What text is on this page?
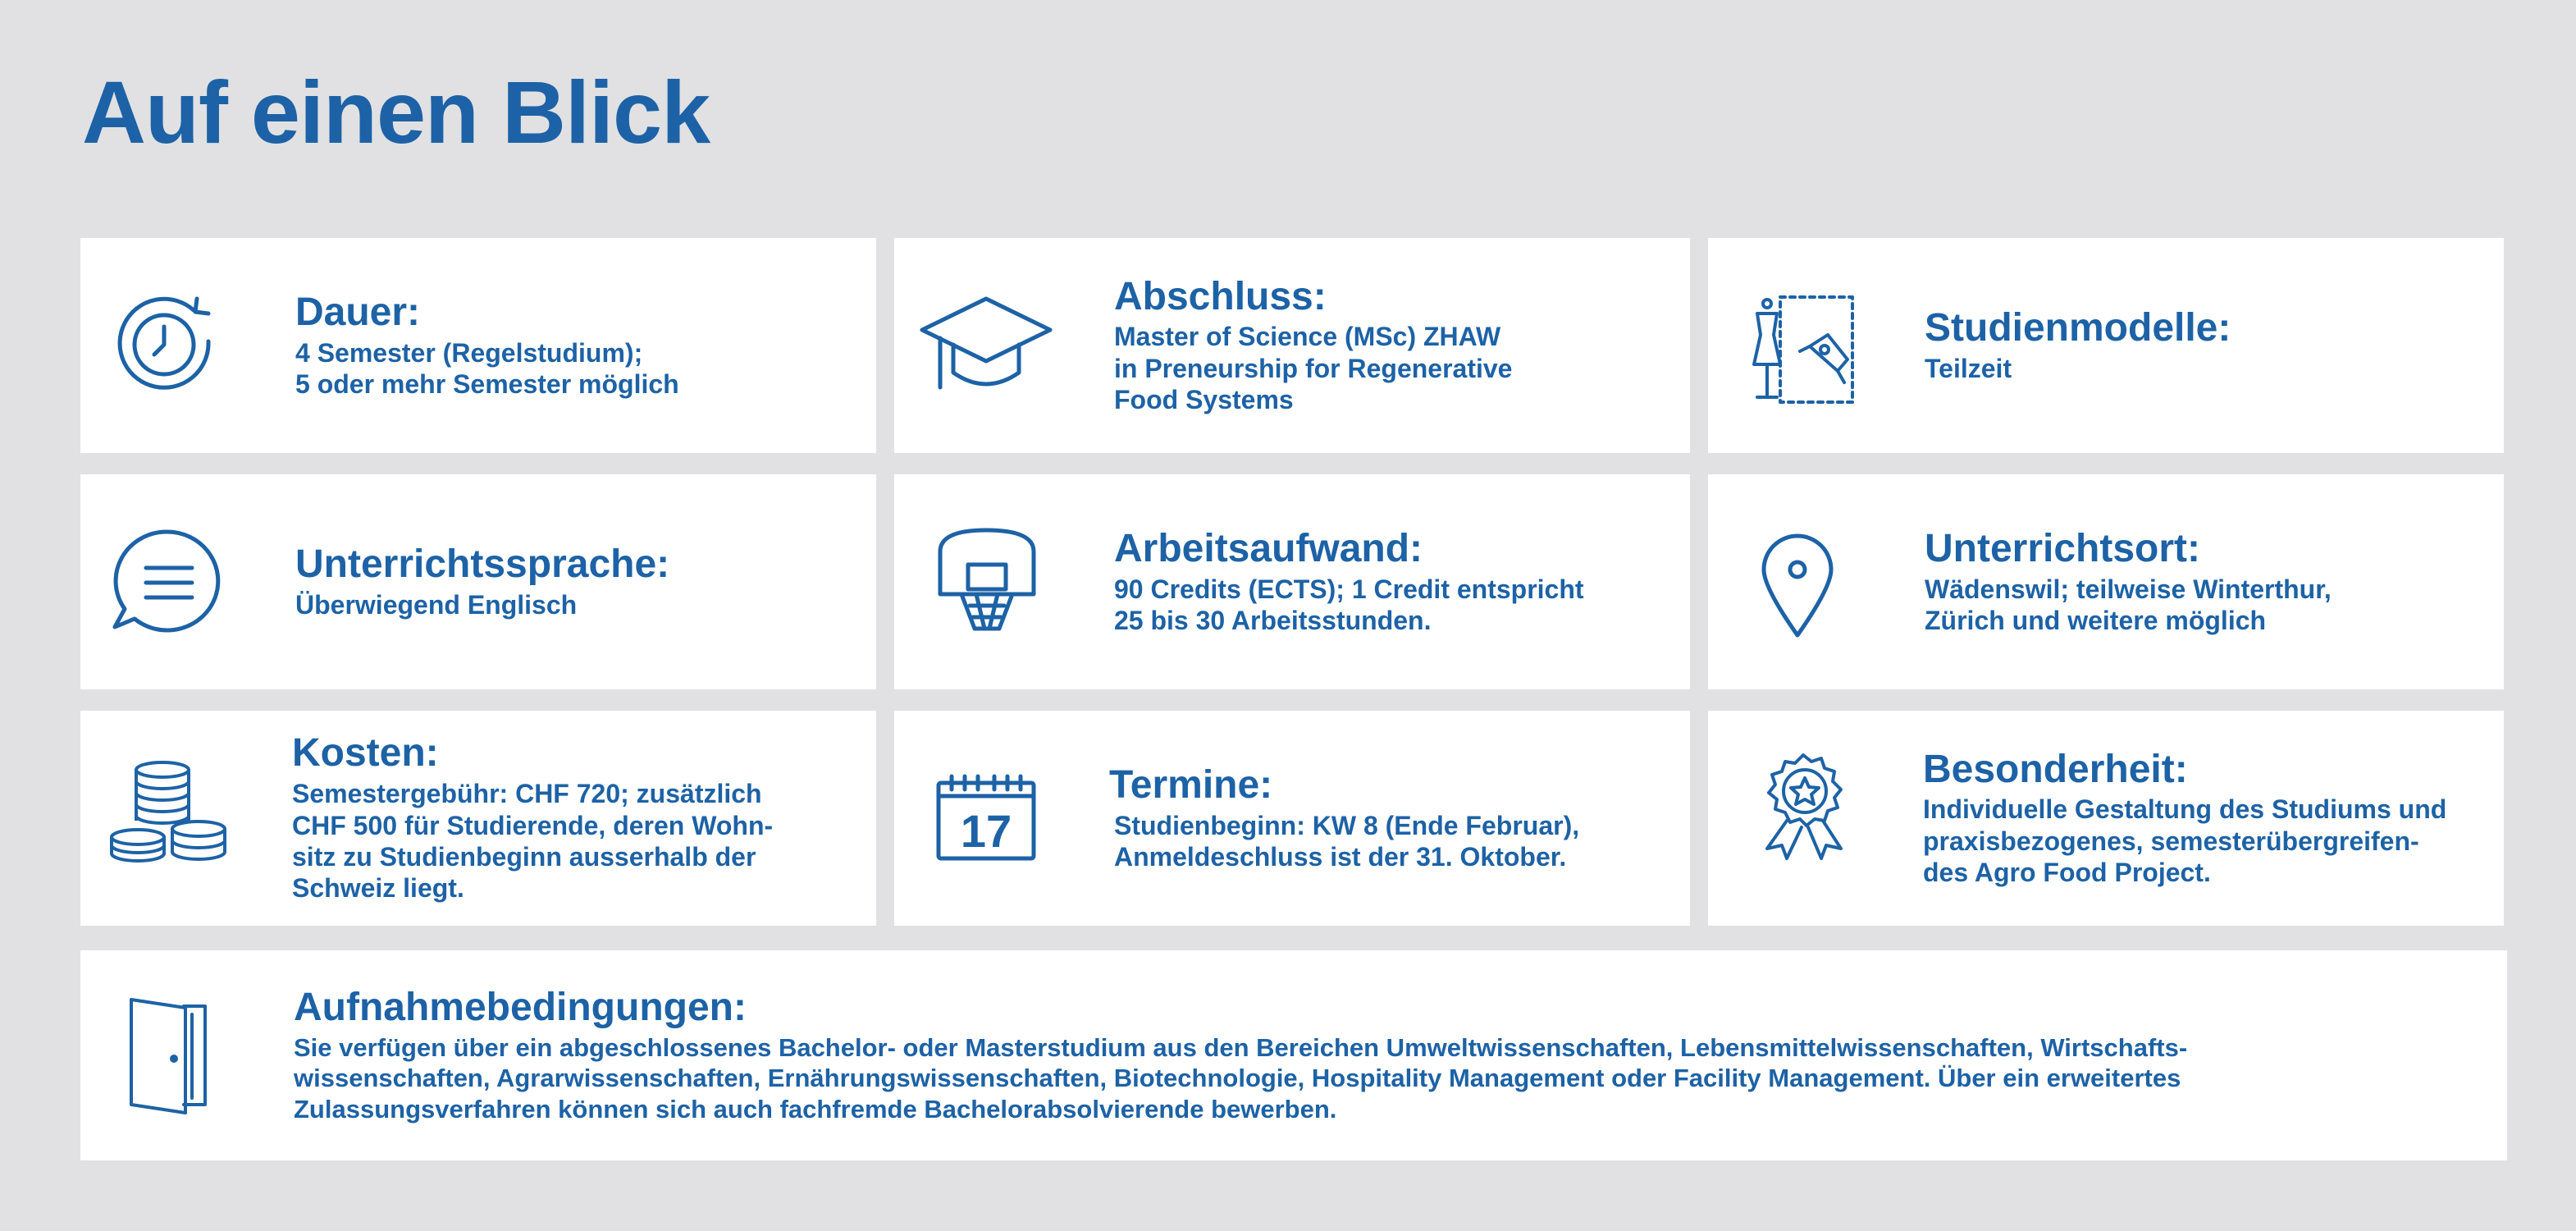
Auf einen Blick
Dauer:
4 Semester (Regelstudium);
5 oder mehr Semester möglich
Abschluss:
Master of Science (MSc) ZHAW
in Preneurship for Regenerative
Food Systems
Studienmodelle:
Teilzeit
Unterrichtssprache:
Überwiegend Englisch
Arbeitsaufwand:
90 Credits (ECTS); 1 Credit entspricht
25 bis 30 Arbeitsstunden.
Unterrichtsort:
Wädenswil; teilweise Winterthur,
Zürich und weitere möglich
Kosten:
Semestergebühr: CHF 720; zusätzlich
CHF 500 für Studierende, deren Wohn-
sitz zu Studienbeginn ausserhalb der
Schweiz liegt.
17
Termine:
Studienbeginn: KW 8 (Ende Februar),
Anmeldeschluss ist der 31. Oktober.
Besonderheit:
Individuelle Gestaltung des Studiums und
praxisbezogenes, semesterübergreifen-
des Agro Food Project.
Aufnahmebedingungen:
Sie verfügen über ein abgeschlossenes Bachelor- oder Masterstudium aus den Bereichen Umweltwissenschaften, Lebensmittelwissenschaften, Wirtschafts-
wissenschaften, Agrarwissenschaften, Ernährungswissenschaften, Biotechnologie, Hospitality Management oder Facility Management. Über ein erweitertes
Zulassungsverfahren können sich auch fachfremde Bachelorabsolvierende bewerben.
